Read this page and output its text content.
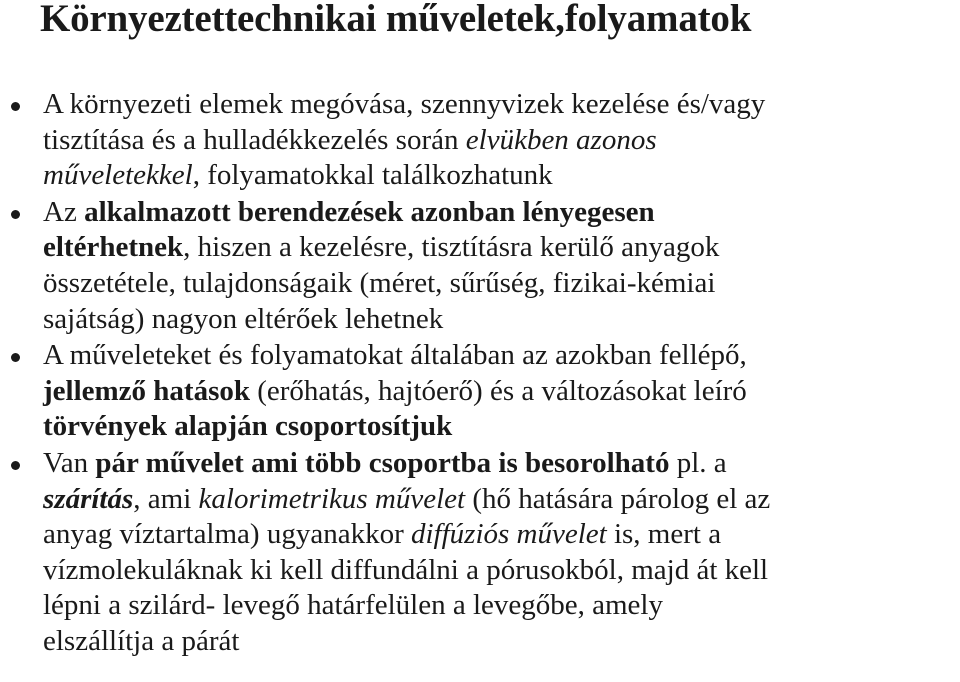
Környeztettechnikai műveletek,folyamatok
A környezeti elemek megóvása, szennyvizek kezelése és/vagy
tisztítása és a hulladékkezelés során elvükben azonos
műveletekkel, folyamatokkal találkozhatunk
Az alkalmazott berendezések azonban lényegesen
eltérhetnek, hiszen a kezelésre, tisztításra kerülő anyagok
összetétele, tulajdonságaik (méret, sűrűség, fizikai-kémiai
sajátság) nagyon eltérőek lehetnek
A műveleteket és folyamatokat általában az azokban fellépő,
jellemző hatások (erőhatás, hajtóerő) és a változásokat leíró
törvények alapján csoportosítjuk
Van pár művelet ami több csoportba is besorolható pl. a
szárítás, ami kalorimetrikus művelet (hő hatására párolog el az
anyag víztartalma) ugyanakkor diffúziós művelet is, mert a
vízmolekuláknak ki kell diffundálni a pórusokból, majd át kell
lépni a szilárd- levegő határfelülen a levegőbe, amely
elszállítja a párát
